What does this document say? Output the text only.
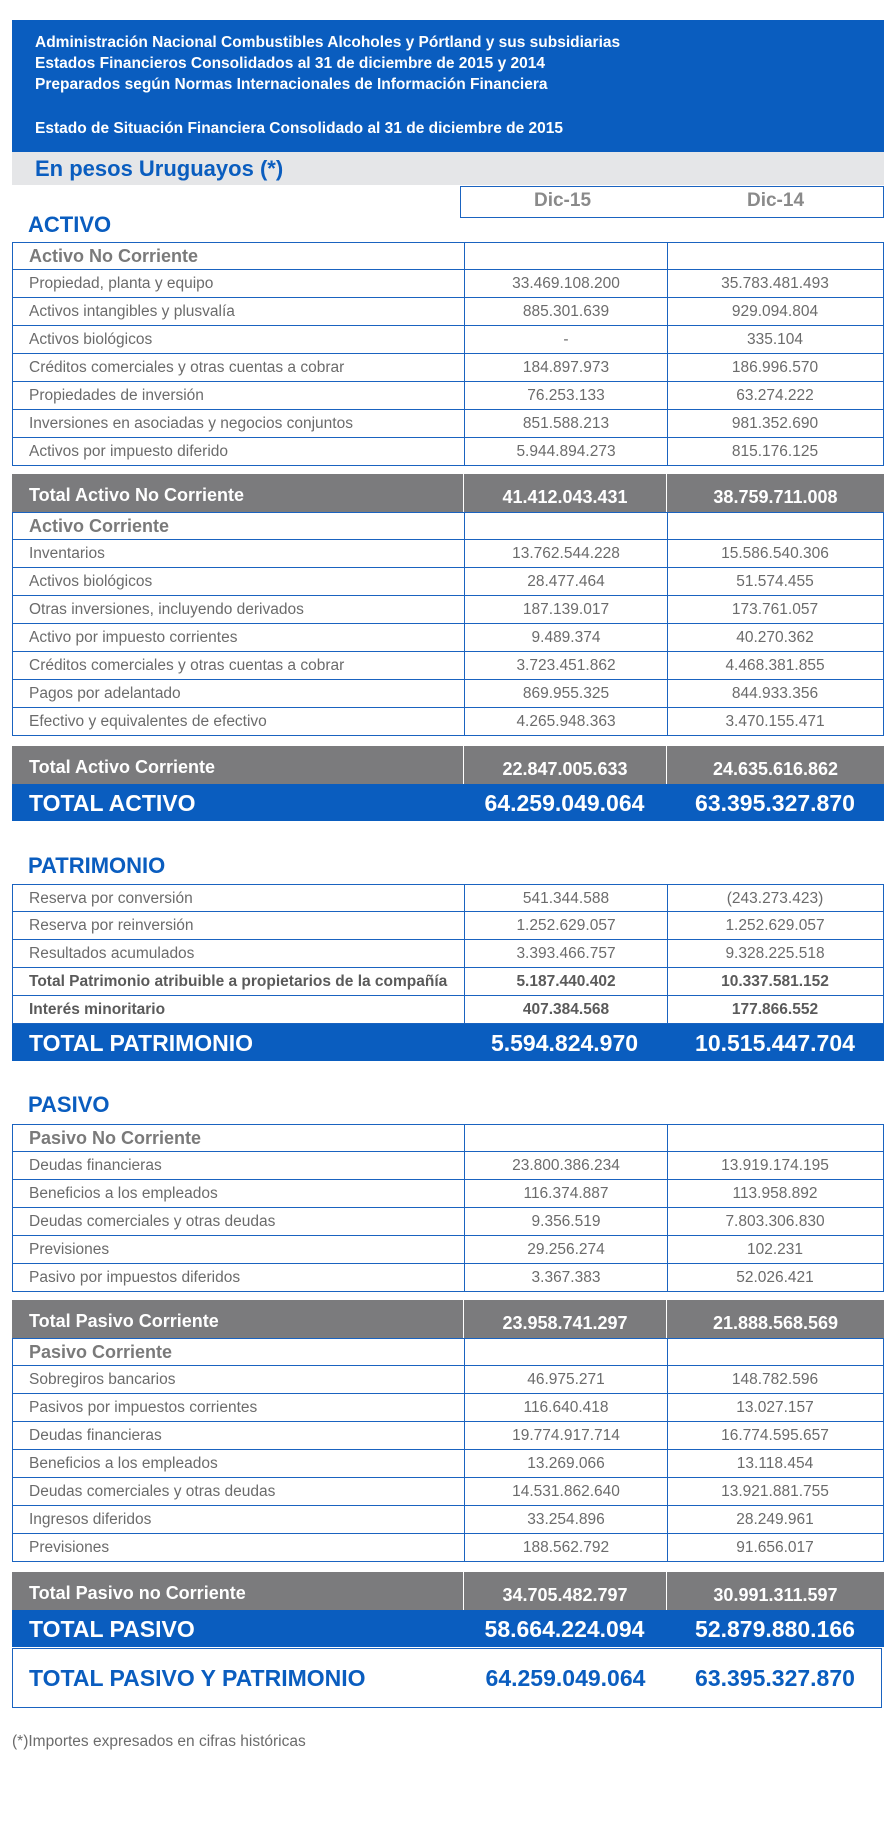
Administración Nacional Combustibles Alcoholes y Pórtland y sus subsidiarias
Estados Financieros Consolidados al 31 de diciembre de 2015 y 2014
Preparados según Normas Internacionales de Información Financiera
Estado de Situación Financiera Consolidado al 31 de diciembre de 2015
En pesos Uruguayos (*)
Dic-15	Dic-14
ACTIVO
Activo No Corriente
Propiedad, planta y equipo	33.469.108.200	35.783.481.493
Activos intangibles y plusvalía	885.301.639	929.094.804
Activos biológicos	-	335.104
Créditos comerciales y otras cuentas a cobrar	184.897.973	186.996.570
Propiedades de inversión	76.253.133	63.274.222
Inversiones en asociadas y negocios conjuntos	851.588.213	981.352.690
Activos por impuesto diferido	5.944.894.273	815.176.125
Total Activo No Corriente	41.412.043.431	38.759.711.008
Activo Corriente
Inventarios	13.762.544.228	15.586.540.306
Activos biológicos	28.477.464	51.574.455
Otras inversiones, incluyendo derivados	187.139.017	173.761.057
Activo por impuesto corrientes	9.489.374	40.270.362
Créditos comerciales y otras cuentas a cobrar	3.723.451.862	4.468.381.855
Pagos por adelantado	869.955.325	844.933.356
Efectivo y equivalentes de efectivo	4.265.948.363	3.470.155.471
Total Activo Corriente	22.847.005.633	24.635.616.862
TOTAL ACTIVO	64.259.049.064	63.395.327.870
PATRIMONIO
Reserva por conversión	541.344.588	(243.273.423)
Reserva por reinversión	1.252.629.057	1.252.629.057
Resultados acumulados	3.393.466.757	9.328.225.518
Total Patrimonio atribuible a propietarios de la compañía	5.187.440.402	10.337.581.152
Interés minoritario	407.384.568	177.866.552
TOTAL PATRIMONIO	5.594.824.970	10.515.447.704
PASIVO
Pasivo No Corriente
Deudas financieras	23.800.386.234	13.919.174.195
Beneficios a los empleados	116.374.887	113.958.892
Deudas comerciales y otras deudas	9.356.519	7.803.306.830
Previsiones	29.256.274	102.231
Pasivo por impuestos diferidos	3.367.383	52.026.421
Total Pasivo Corriente	23.958.741.297	21.888.568.569
Pasivo Corriente
Sobregiros bancarios	46.975.271	148.782.596
Pasivos por impuestos corrientes	116.640.418	13.027.157
Deudas financieras	19.774.917.714	16.774.595.657
Beneficios a los empleados	13.269.066	13.118.454
Deudas comerciales y otras deudas	14.531.862.640	13.921.881.755
Ingresos diferidos	33.254.896	28.249.961
Previsiones	188.562.792	91.656.017
Total Pasivo no Corriente	34.705.482.797	30.991.311.597
TOTAL PASIVO	58.664.224.094	52.879.880.166
TOTAL PASIVO Y PATRIMONIO	64.259.049.064	63.395.327.870
(*)Importes expresados en cifras históricas
